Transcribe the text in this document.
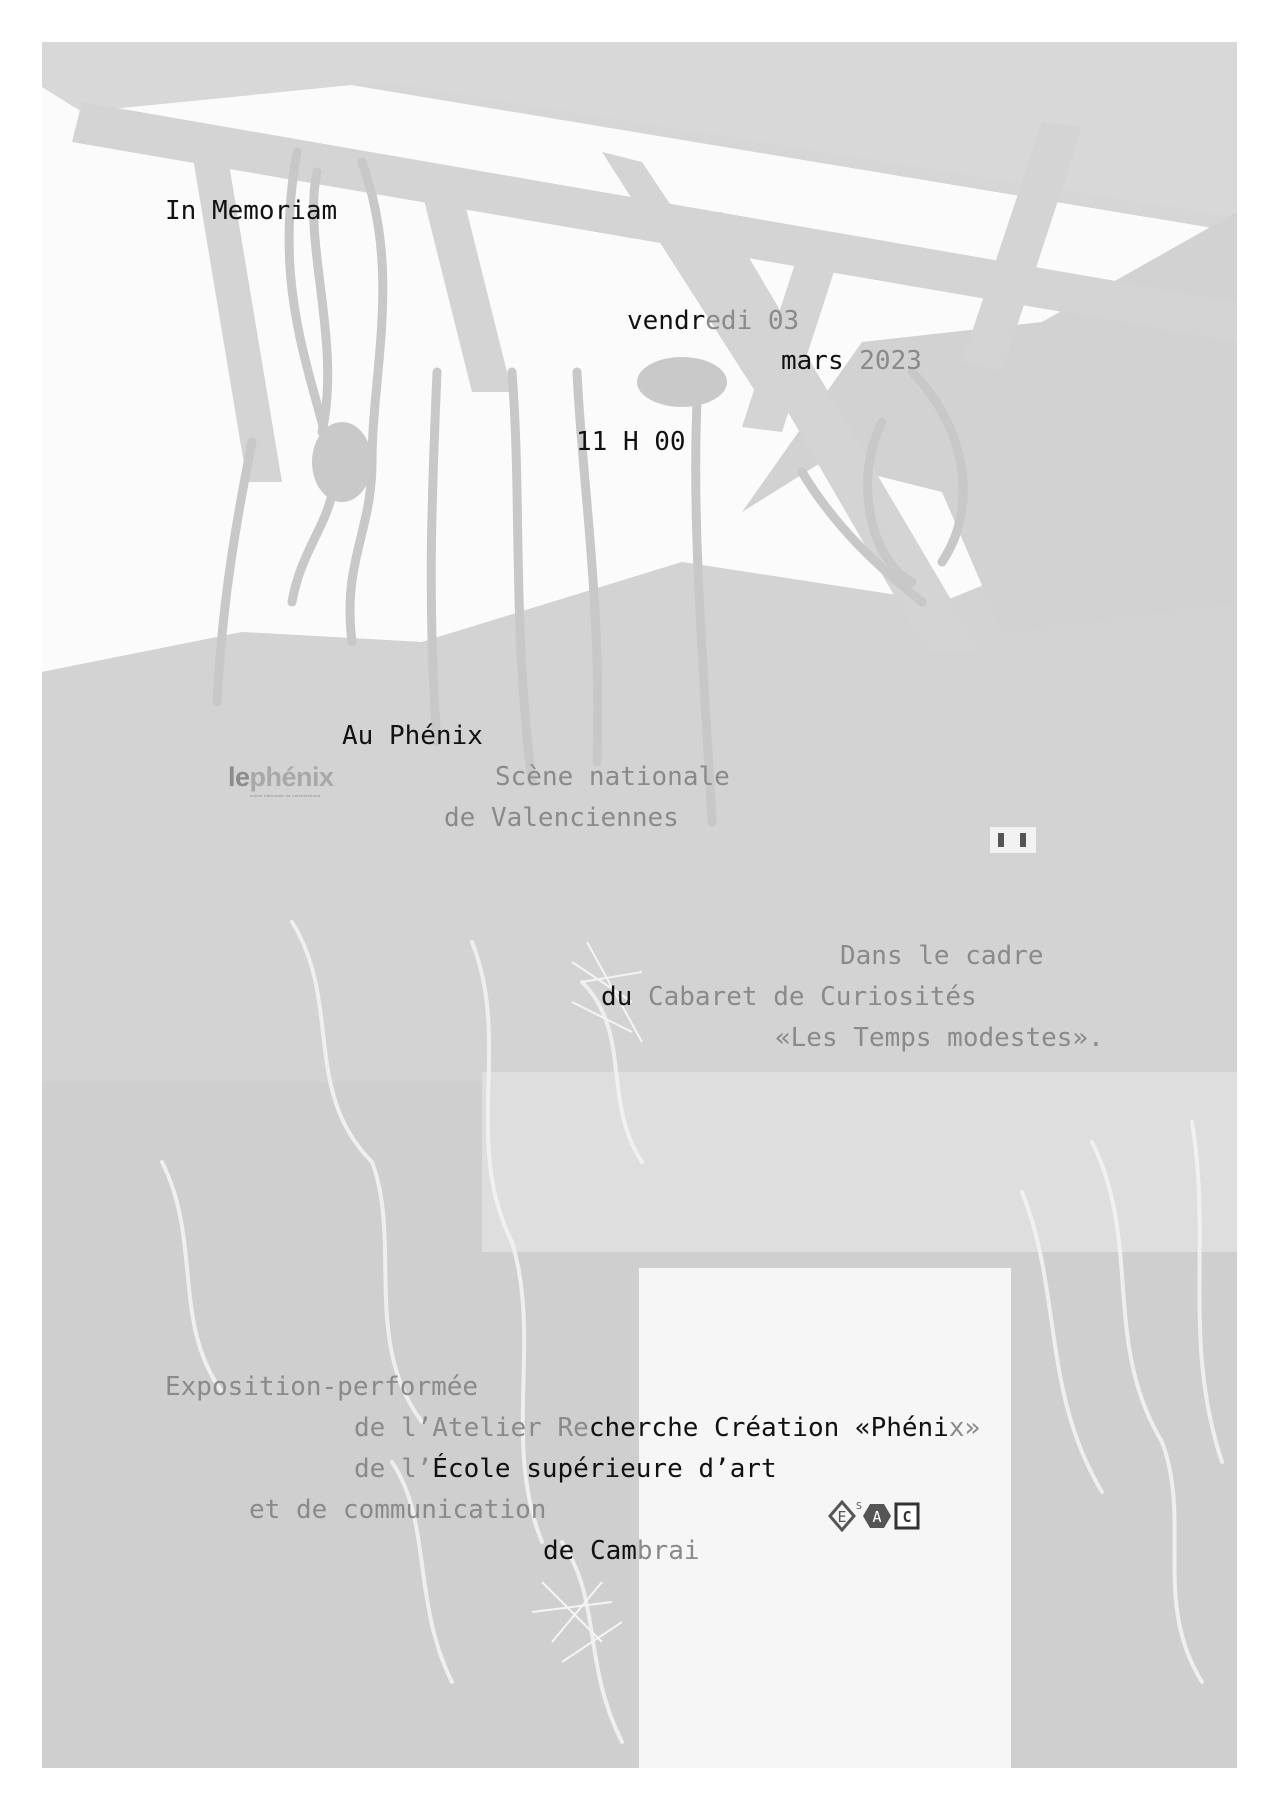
In Memoriam
vendredi 03
mars 2023
11 H 00
Au Phénix
Scène nationale
de Valenciennes
lephénix
scène nationale de valenciennes
Dans le cadre
du Cabaret de Curiosités
«Les Temps modestes».
Exposition-performée
de l’Atelier Recherche Création «Phénix»
de l’École supérieure d’art
et de communication
de Cambrai
E
S
A C
